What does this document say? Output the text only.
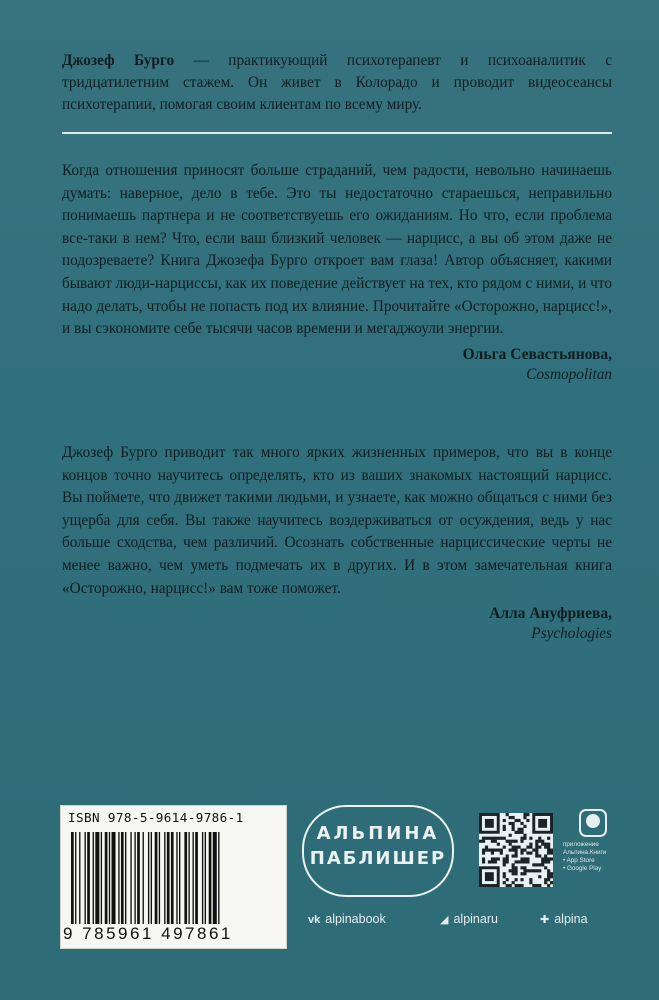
Джозеф Бурго — практикующий психотерапевт и психоаналитик с тридцатилетним стажем. Он живет в Колорадо и проводит видеосеансы психотерапии, помогая своим клиентам по всему миру.

Когда отношения приносят больше страданий, чем радости, невольно начинаешь думать: наверное, дело в тебе. Это ты недостаточно стараешься, неправильно понимаешь партнера и не соответствуешь его ожиданиям. Но что, если проблема все-таки в нем? Что, если ваш близкий человек — нарцисс, а вы об этом даже не подозреваете? Книга Джозефа Бурго откроет вам глаза! Автор объясняет, какими бывают люди-нарциссы, как их поведение действует на тех, кто рядом с ними, и что надо делать, чтобы не попасть под их влияние. Прочитайте «Осторожно, нарцисс!», и вы сэкономите себе тысячи часов времени и мегаджоули энергии.

Ольга Севастьянова,
Cosmopolitan

Джозеф Бурго приводит так много ярких жизненных примеров, что вы в конце концов точно научитесь определять, кто из ваших знакомых настоящий нарцисс. Вы поймете, что движет такими людьми, и узнаете, как можно общаться с ними без ущерба для себя. Вы также научитесь воздерживаться от осуждения, ведь у нас больше сходства, чем различий. Осознать собственные нарциссические черты не менее важно, чем уметь подмечать их в других. И в этом замечательная книга «Осторожно, нарцисс!» вам тоже поможет.

Алла Ануфриева,
Psychologies
ISBN 978-5-9614-9786-1
9 785961 497861
АЛЬПИНА
ПАБЛИШЕР
приложение
Альпина.Книги
• App Store
• Google Play
vk alpinabook	◢ alpinaru	✚ alpina
